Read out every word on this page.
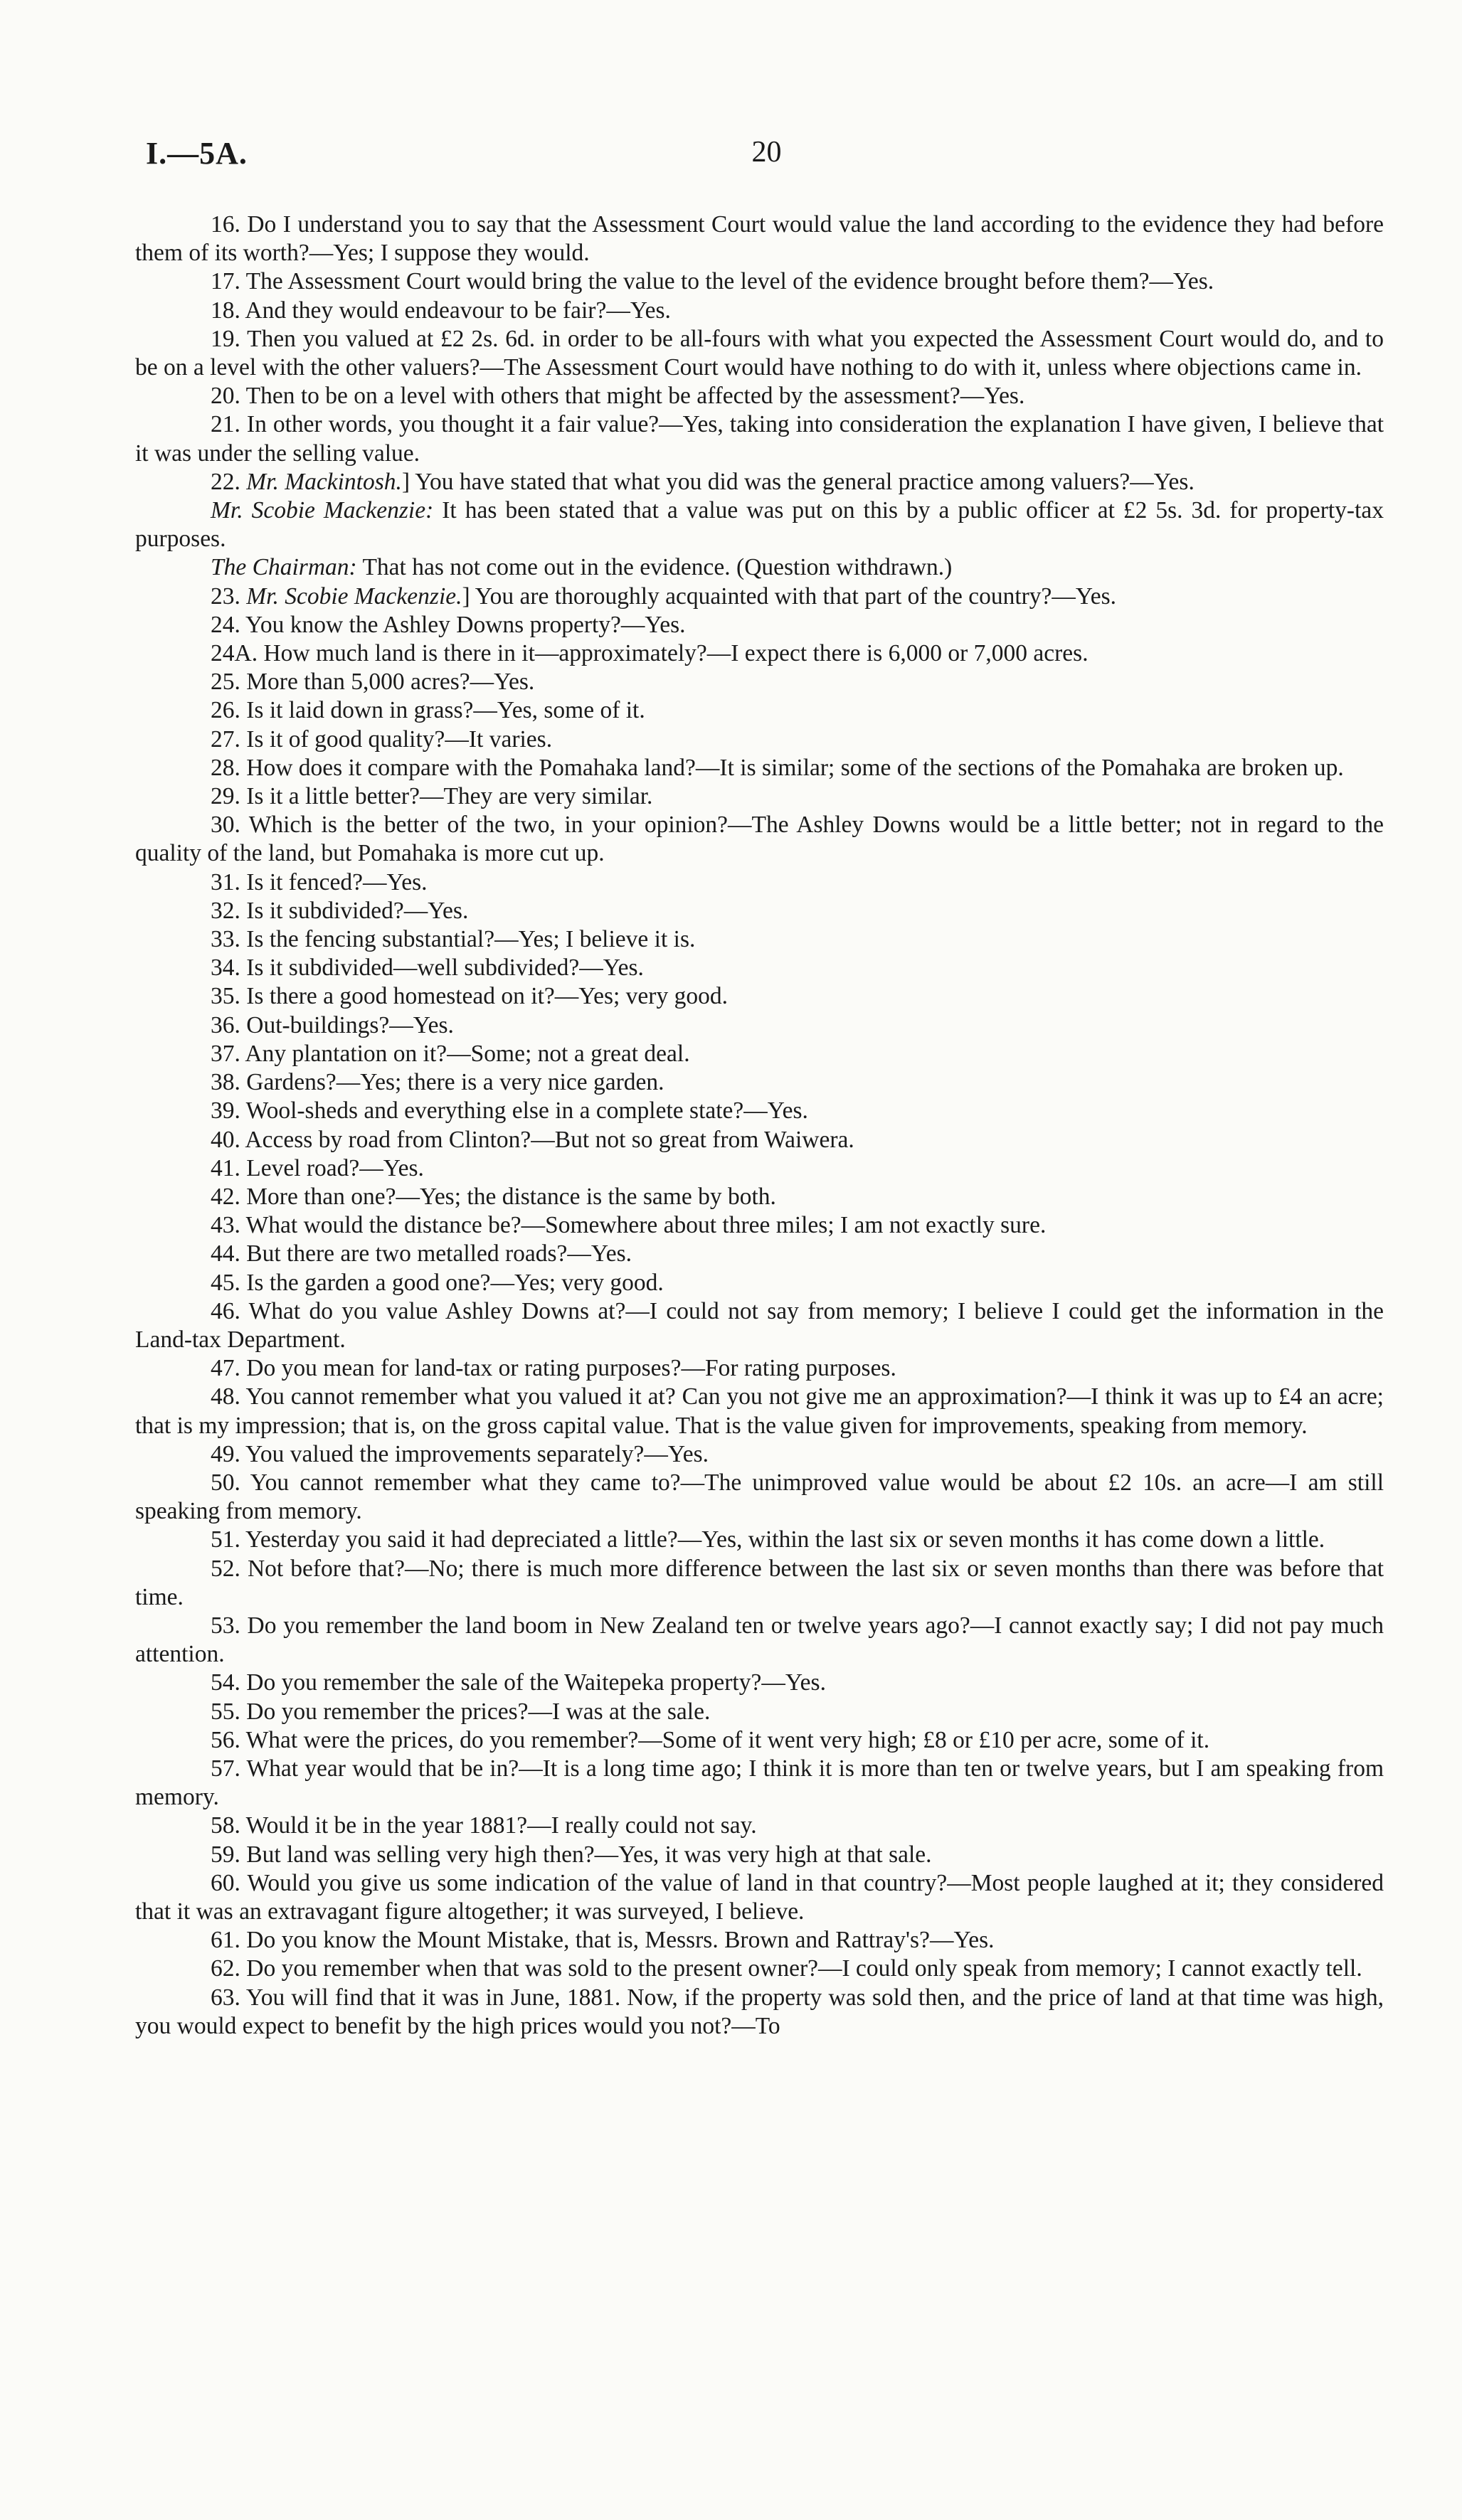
20
I.—5A.

16. Do I understand you to say that the Assessment Court would value the land according to the evidence they had before them of its worth?—Yes; I suppose they would.

17. The Assessment Court would bring the value to the level of the evidence brought before them?—Yes.

18. And they would endeavour to be fair?—Yes.

19. Then you valued at £2 2s. 6d. in order to be all-fours with what you expected the Assessment Court would do, and to be on a level with the other valuers?—The Assessment Court would have nothing to do with it, unless where objections came in.

20. Then to be on a level with others that might be affected by the assessment?—Yes.

21. In other words, you thought it a fair value?—Yes, taking into consideration the explanation I have given, I believe that it was under the selling value.

22. Mr. Mackintosh.] You have stated that what you did was the general practice among valuers?—Yes.

Mr. Scobie Mackenzie: It has been stated that a value was put on this by a public officer at £2 5s. 3d. for property-tax purposes.

The Chairman: That has not come out in the evidence. (Question withdrawn.)

23. Mr. Scobie Mackenzie.] You are thoroughly acquainted with that part of the country?—Yes.

24. You know the Ashley Downs property?—Yes.

24A. How much land is there in it—approximately?—I expect there is 6,000 or 7,000 acres.

25. More than 5,000 acres?—Yes.

26. Is it laid down in grass?—Yes, some of it.

27. Is it of good quality?—It varies.

28. How does it compare with the Pomahaka land?—It is similar; some of the sections of the Pomahaka are broken up.

29. Is it a little better?—They are very similar.

30. Which is the better of the two, in your opinion?—The Ashley Downs would be a little better; not in regard to the quality of the land, but Pomahaka is more cut up.

31. Is it fenced?—Yes.

32. Is it subdivided?—Yes.

33. Is the fencing substantial?—Yes; I believe it is.

34. Is it subdivided—well subdivided?—Yes.

35. Is there a good homestead on it?—Yes; very good.

36. Out-buildings?—Yes.

37. Any plantation on it?—Some; not a great deal.

38. Gardens?—Yes; there is a very nice garden.

39. Wool-sheds and everything else in a complete state?—Yes.

40. Access by road from Clinton?—But not so great from Waiwera.

41. Level road?—Yes.

42. More than one?—Yes; the distance is the same by both.

43. What would the distance be?—Somewhere about three miles; I am not exactly sure.

44. But there are two metalled roads?—Yes.

45. Is the garden a good one?—Yes; very good.

46. What do you value Ashley Downs at?—I could not say from memory; I believe I could get the information in the Land-tax Department.

47. Do you mean for land-tax or rating purposes?—For rating purposes.

48. You cannot remember what you valued it at? Can you not give me an approximation?—I think it was up to £4 an acre; that is my impression; that is, on the gross capital value. That is the value given for improvements, speaking from memory.

49. You valued the improvements separately?—Yes.

50. You cannot remember what they came to?—The unimproved value would be about £2 10s. an acre—I am still speaking from memory.

51. Yesterday you said it had depreciated a little?—Yes, within the last six or seven months it has come down a little.

52. Not before that?—No; there is much more difference between the last six or seven months than there was before that time.

53. Do you remember the land boom in New Zealand ten or twelve years ago?—I cannot exactly say; I did not pay much attention.

54. Do you remember the sale of the Waitepeka property?—Yes.

55. Do you remember the prices?—I was at the sale.

56. What were the prices, do you remember?—Some of it went very high; £8 or £10 per acre, some of it.

57. What year would that be in?—It is a long time ago; I think it is more than ten or twelve years, but I am speaking from memory.

58. Would it be in the year 1881?—I really could not say.

59. But land was selling very high then?—Yes, it was very high at that sale.

60. Would you give us some indication of the value of land in that country?—Most people laughed at it; they considered that it was an extravagant figure altogether; it was surveyed, I believe.

61. Do you know the Mount Mistake, that is, Messrs. Brown and Rattray's?—Yes.

62. Do you remember when that was sold to the present owner?—I could only speak from memory; I cannot exactly tell.

63. You will find that it was in June, 1881. Now, if the property was sold then, and the price of land at that time was high, you would expect to benefit by the high prices would you not?—To
